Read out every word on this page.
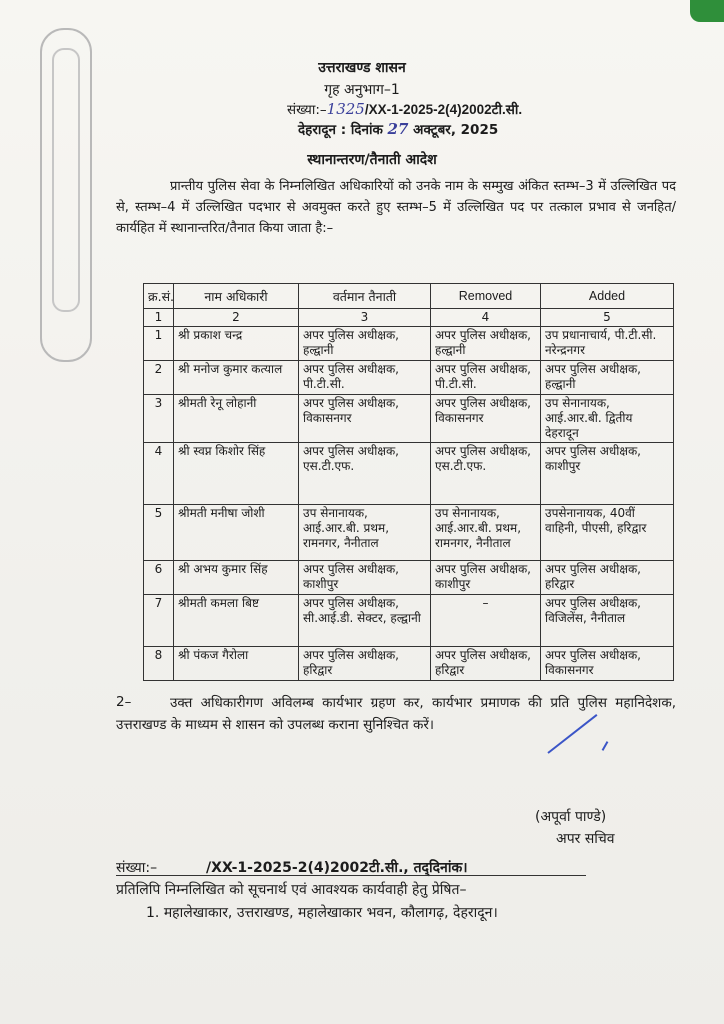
उत्तराखण्ड शासन
गृह अनुभाग–1
संख्या:–1325/XX-1-2025-2(4)2002टी.सी.
देहरादून : दिनांक 27 अक्टूबर, 2025
स्थानान्तरण/तैनाती आदेश
प्रान्तीय पुलिस सेवा के निम्नलिखित अधिकारियों को उनके नाम के सम्मुख अंकित स्तम्भ–3 में उल्लिखित पद से, स्तम्भ–4 में उल्लिखित पदभार से अवमुक्त करते हुए स्तम्भ–5 में उल्लिखित पद पर तत्काल प्रभाव से जनहित/कार्यहित में स्थानान्तरित/तैनात किया जाता है:–
क्र.सं.	नाम अधिकारी	वर्तमान तैनाती	Removed	Added
1	2	3	4	5
1	श्री प्रकाश चन्द्र	अपर पुलिस अधीक्षक, हल्द्वानी	अपर पुलिस अधीक्षक, हल्द्वानी	उप प्रधानाचार्य, पी.टी.सी. नरेन्द्रनगर
2	श्री मनोज कुमार कत्याल	अपर पुलिस अधीक्षक, पी.टी.सी.	अपर पुलिस अधीक्षक, पी.टी.सी.	अपर पुलिस अधीक्षक, हल्द्वानी
3	श्रीमती रेनू लोहानी	अपर पुलिस अधीक्षक, विकासनगर	अपर पुलिस अधीक्षक, विकासनगर	उप सेनानायक, आई.आर.बी. द्वितीय देहरादून
4	श्री स्वप्न किशोर सिंह	अपर पुलिस अधीक्षक, एस.टी.एफ.	अपर पुलिस अधीक्षक, एस.टी.एफ.	अपर पुलिस अधीक्षक, काशीपुर
5	श्रीमती मनीषा जोशी	उप सेनानायक, आई.आर.बी. प्रथम, रामनगर, नैनीताल	उप सेनानायक, आई.आर.बी. प्रथम, रामनगर, नैनीताल	उपसेनानायक, 40वीं वाहिनी, पीएसी, हरिद्वार
6	श्री अभय कुमार सिंह	अपर पुलिस अधीक्षक, काशीपुर	अपर पुलिस अधीक्षक, काशीपुर	अपर पुलिस अधीक्षक, हरिद्वार
7	श्रीमती कमला बिष्ट	अपर पुलिस अधीक्षक, सी.आई.डी. सेक्टर, हल्द्वानी	–	अपर पुलिस अधीक्षक, विजिलेंस, नैनीताल
8	श्री पंकज गैरोला	अपर पुलिस अधीक्षक, हरिद्वार	अपर पुलिस अधीक्षक, हरिद्वार	अपर पुलिस अधीक्षक, विकासनगर
2–	उक्त अधिकारीगण अविलम्ब कार्यभार ग्रहण कर, कार्यभार प्रमाणक की प्रति पुलिस महानिदेशक, उत्तराखण्ड के माध्यम से शासन को उपलब्ध कराना सुनिश्चित करें।
(अपूर्वा पाण्डे)
अपर सचिव
संख्या:–	/XX-1-2025-2(4)2002टी.सी., तद्‌दिनांक।
प्रतिलिपि निम्नलिखित को सूचनार्थ एवं आवश्यक कार्यवाही हेतु प्रेषित–
1. महालेखाकार, उत्तराखण्ड, महालेखाकार भवन, कौलागढ़, देहरादून।
